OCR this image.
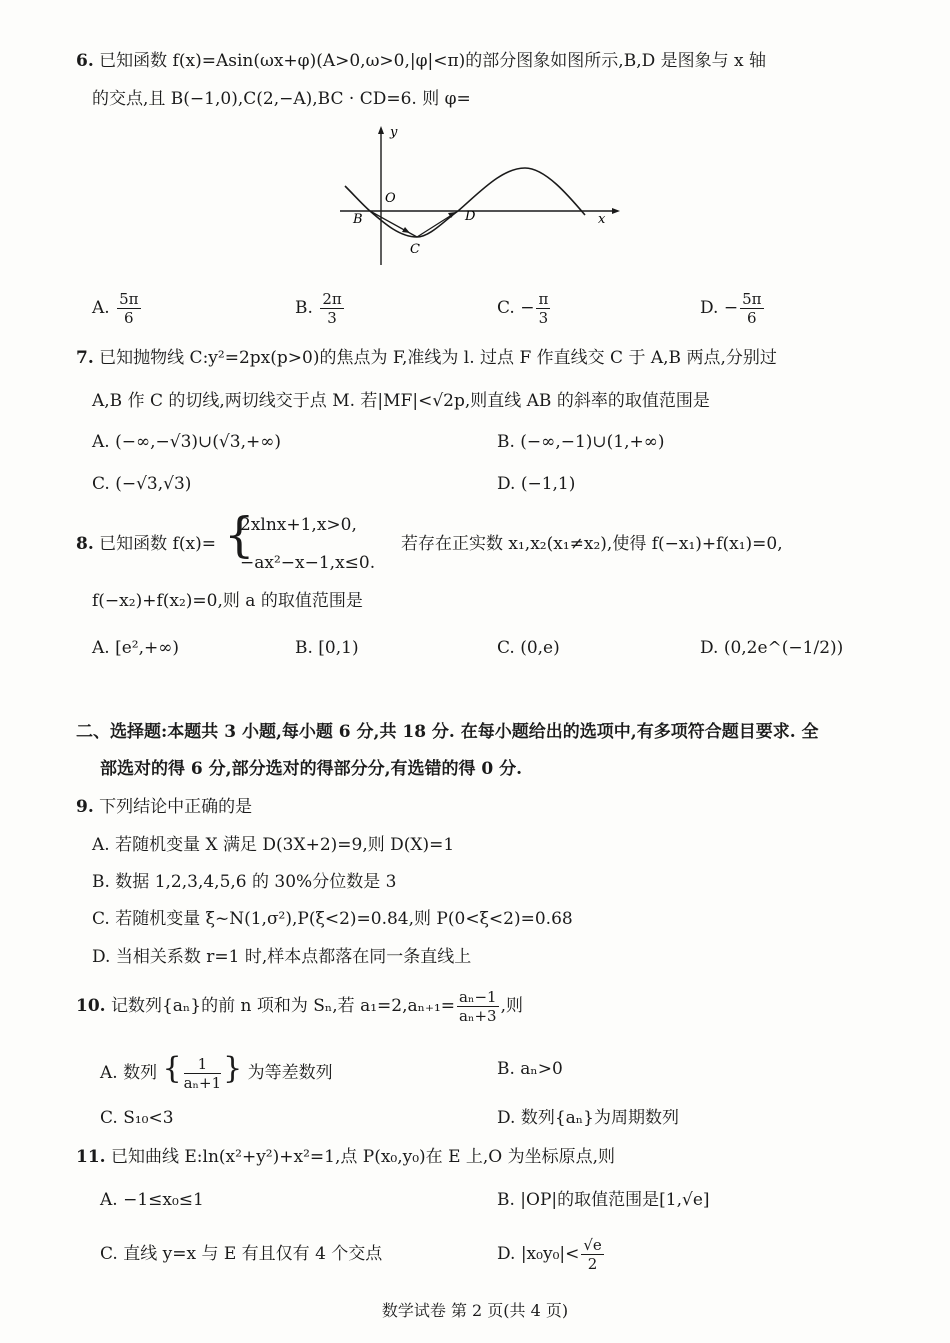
6. 已知函数 f(x)=Asin(ωx+φ)(A>0,ω>0,|φ|<π)的部分图象如图所示,B,D 是图象与 x 轴
的交点,且 B(−1,0),C(2,−A),BC · CD=6. 则 φ=
y
O
B
C
D	x
A. $\frac{5\pi}{6}$	B. $\frac{2\pi}{3}$	C. − $\frac{\pi}{3}$	D. − $\frac{5\pi}{6}$
7. 已知抛物线 C:y²=2px(p>0)的焦点为 F,准线为 l. 过点 F 作直线交 C 于 A,B 两点,分别过
A,B 作 C 的切线,两切线交于点 M. 若|MF|<√2p,则直线 AB 的斜率的取值范围是
A. (−∞,−√3)∪(√3,+∞)	B. (−∞,−1)∪(1,+∞)
C. (−√3,√3)	D. (−1,1)
8. 已知函数 f(x)= {
2xlnx+1,x>0,
−ax²−x−1,x≤0.
若存在正实数 x₁,x₂(x₁≠x₂),使得 f(−x₁)+f(x₁)=0,
f(−x₂)+f(x₂)=0,则 a 的取值范围是
A. [e²,+∞)	B. [0,1)	C. (0,e)	D. (0,2e^(−1/2))
二、选择题:本题共 3 小题,每小题 6 分,共 18 分. 在每小题给出的选项中,有多项符合题目要求. 全
部选对的得 6 分,部分选对的得部分分,有选错的得 0 分.
9. 下列结论中正确的是
A. 若随机变量 X 满足 D(3X+2)=9,则 D(X)=1
B. 数据 1,2,3,4,5,6 的 30%分位数是 3
C. 若随机变量 ξ~N(1,σ²),P(ξ<2)=0.84,则 P(0<ξ<2)=0.68
D. 当相关系数 r=1 时,样本点都落在同一条直线上
10. 记数列{aₙ}的前 n 项和为 Sₙ,若 $a_1=2,a_{n+1}= \frac{\text{aₙ−1}}{\text{aₙ+3}}$ ,则
A. 数列 { $\frac{1}{\text{aₙ+1}}$ } 为等差数列	B. aₙ>0
C. S₁₀<3	D. 数列{aₙ}为周期数列
11. 已知曲线 E:ln(x²+y²)+x²=1,点 P(x₀,y₀)在 E 上,O 为坐标原点,则
A. −1≤x₀≤1	B. |OP|的取值范围是[1,√e]
C. 直线 y=x 与 E 有且仅有 4 个交点	D. $|x_0y_0|< \frac{√e}{2}$
数学试卷 第 2 页(共 4 页)
